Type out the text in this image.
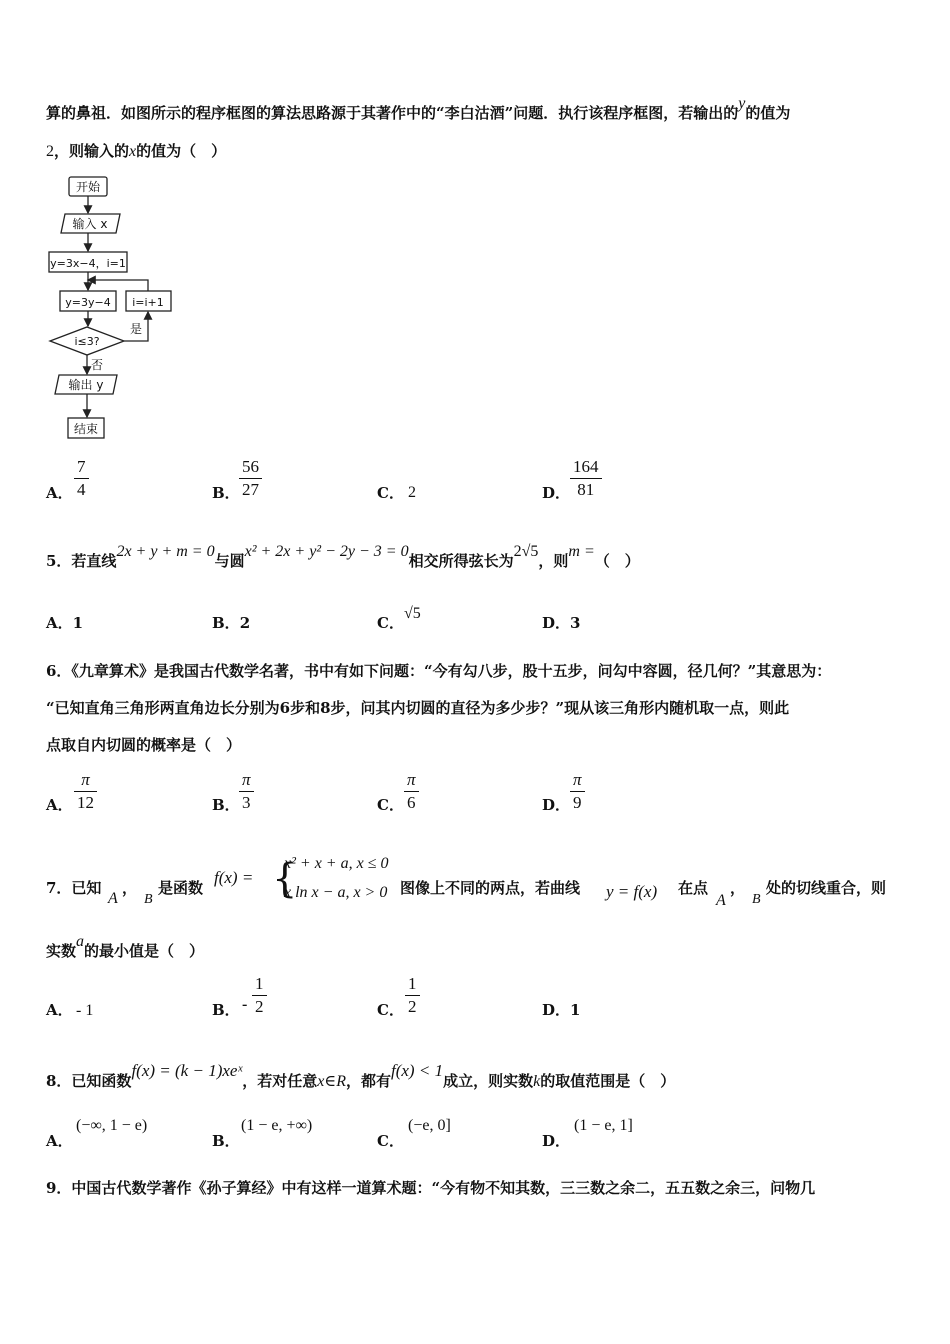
算的鼻祖．如图所示的程序框图的算法思路源于其著作中的“李白沽酒”问题．执行该程序框图，若输出的y的值为
2，则输入的x的值为（　）
开始
输入 x
y=3x−4，i=1
y=3y−4 i=i+1
i≤3?
是
否
输出 y
结束
A．
7
4	B．
56
27	C． 2	D．
164
81
5．若直线2x + y + m = 0与圆x² + 2x + y² − 2y − 3 = 0相交所得弦长为2√5，则m =（　）
A．1	B．2	C．√5
D．3
6．《九章算术》是我国古代数学名著，书中有如下问题：“今有勾八步，股十五步，问勾中容圆，径几何？”其意思为：
“已知直角三角形两直角边长分别为6步和8步，问其内切圆的直径为多少步？”现从该三角形内随机取一点，则此
点取自内切圆的概率是（　）
A．
π
12	B．
π
3	C．
π
6	D．
π
9
7．已知
A
，
B
是函数
f(x) = {
x² + x + a, x ≤ 0
x ln x − a, x > 0 图像上不同的两点，若曲线 y = f(x) 在点
A
，
B
处的切线重合，则
实数a的最小值是（　）
A． - 1	B． -
1
2	C．
1
2	D．1
8．已知函数f(x) = (k − 1)xeˣ，若对任意x∈R，都有f(x) < 1成立，则实数k的取值范围是（　）
A．
(−∞, 1 − e)
B．
(1 − e, +∞)
C．
(−e, 0]
D．
(1 − e, 1]
9．中国古代数学著作《孙子算经》中有这样一道算术题：“今有物不知其数，三三数之余二，五五数之余三，问物几
